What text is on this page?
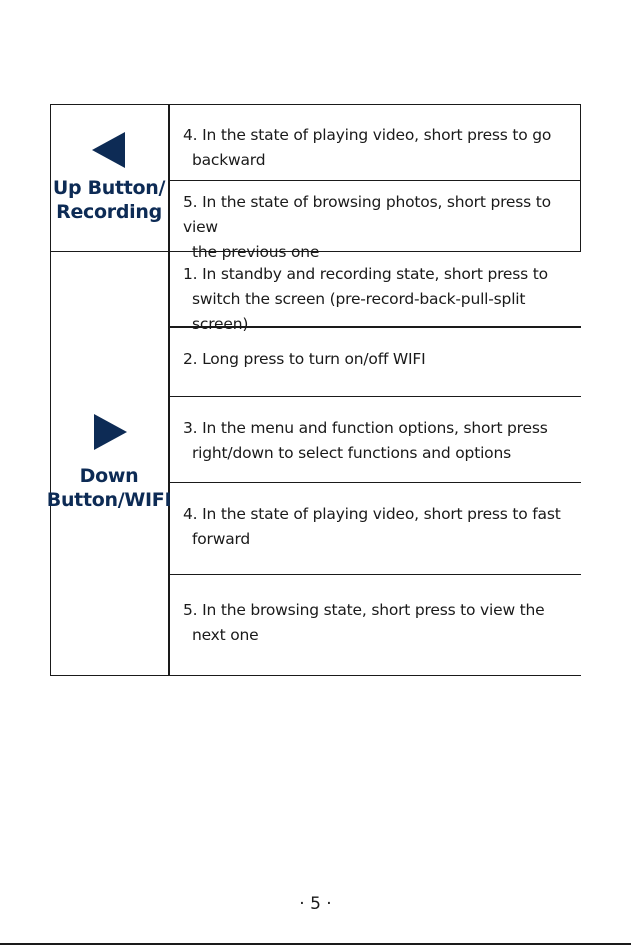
Up Button/
Recording
Down
Button/WIFI
4. In the state of playing video, short press to go
backward
5. In the state of browsing photos, short press to view
the previous one
1. In standby and recording state, short press to
switch the screen (pre-record-back-pull-split screen)
2. Long press to turn on/off WIFI
3. In the menu and function options, short press
right/down to select functions and options
4. In the state of playing video, short press to fast
forward
5. In the browsing state, short press to view the
next one
· 5 ·
